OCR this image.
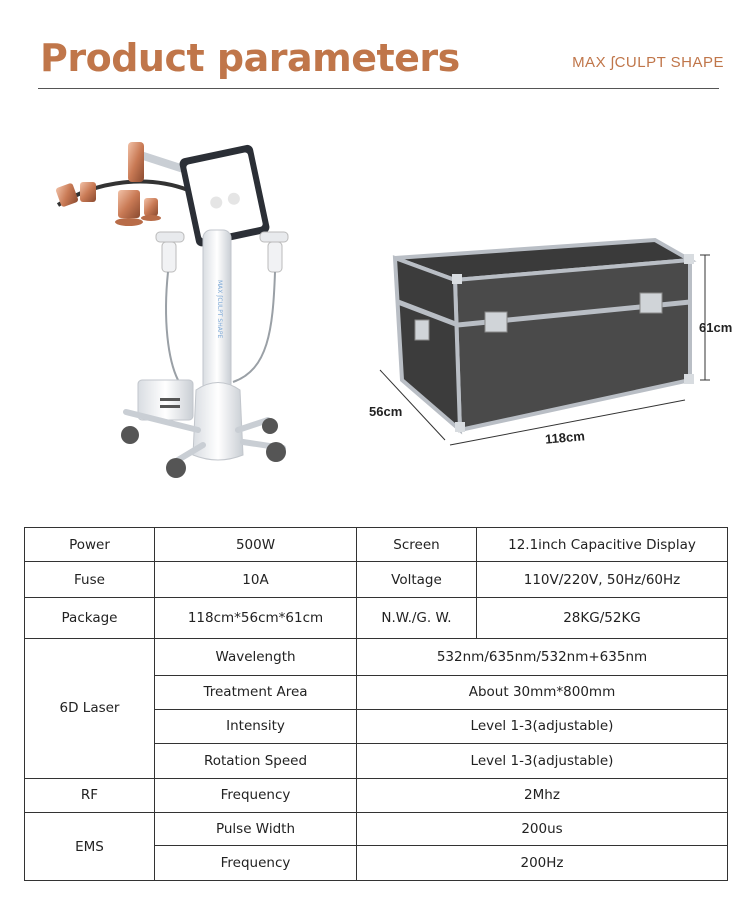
Product parameters	MAX ʃCULPT SHAPE
MAX ʃCULPT SHAPE	61cm
56cm
118cm
Power	500W	Screen	12.1inch Capacitive Display
Fuse	10A	Voltage	110V/220V, 50Hz/60Hz
Package	118cm*56cm*61cm	N.W./G. W.	28KG/52KG
6D Laser	Wavelength	532nm/635nm/532nm+635nm	
	Treatment Area	About 30mm*800mm	
	Intensity	Level 1-3(adjustable)	
	Rotation Speed	Level 1-3(adjustable)	
RF	Frequency	2Mhz	
EMS	Pulse Width	200us	
	Frequency	200Hz	
